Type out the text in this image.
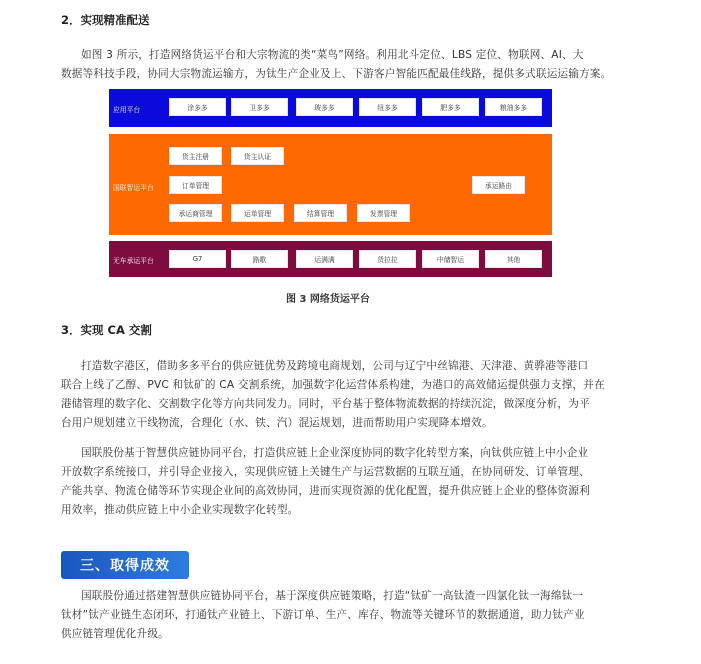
2．实现精准配送
如图 3 所示，打造网络货运平台和大宗物流的类“菜鸟”网络。利用北斗定位、LBS 定位、物联网、AI、大
数据等科技手段，协同大宗物流运输方，为钛生产企业及上、下游客户智能匹配最佳线路，提供多式联运运输方案。
应用平台	涂多多	卫多多	玻多多	纽多多	肥多多	粮油多多
国联智运平台
货主注册	货主认证
订单管理
承运商管理	运单管理	结算管理	发票管理
承运路由
无车承运平台	G7	路歌	运满满	货拉拉	中储智运	其他
图 3 网络货运平台
3．实现 CA 交割
打造数字港区，借助多多平台的供应链优势及跨境电商规划，公司与辽宁中丝锦港、天津港、黄骅港等港口
联合上线了乙醇、PVC 和钛矿的 CA 交割系统，加强数字化运营体系构建，为港口的高效储运提供强力支撑，并在
港储管理的数字化、交割数字化等方向共同发力。同时，平台基于整体物流数据的持续沉淀，做深度分析，为平
台用户规划建立干线物流，合理化（水、铁、汽）混运规划，进而帮助用户实现降本增效。
国联股份基于智慧供应链协同平台，打造供应链上企业深度协同的数字化转型方案，向钛供应链上中小企业
开放数字系统接口，并引导企业接入，实现供应链上关键生产与运营数据的互联互通，在协同研发、订单管理、
产能共享、物流仓储等环节实现企业间的高效协同，进而实现资源的优化配置，提升供应链上企业的整体资源利
用效率，推动供应链上中小企业实现数字化转型。
三、取得成效
国联股份通过搭建智慧供应链协同平台，基于深度供应链策略，打造“钛矿一高钛渣一四氯化钛一海绵钛一
钛材”钛产业链生态闭环，打通钛产业链上、下游订单、生产、库存、物流等关键环节的数据通道，助力钛产业
供应链管理优化升级。
